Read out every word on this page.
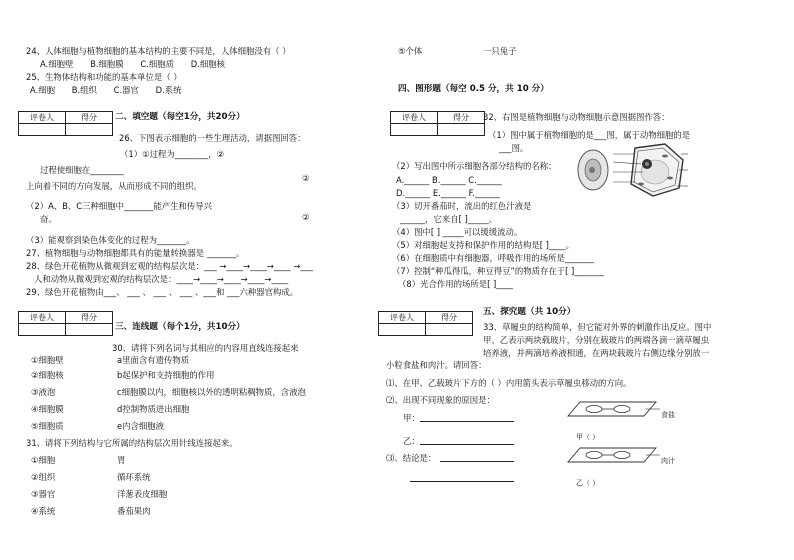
24、人体细胞与植物细胞的基本结构的主要不同是，人体细胞没有（ ）
A.细胞壁　　B.细胞膜　　C.细胞质　　D.细胞核
25、生物体结构和功能的基本单位是（ ）
A.细胞　　B.组织　　C.器官　　D.系统
评卷人	得分
	二、填空题（每空1分，共20分）
26、下图表示细胞的一些生理活动，请据图回答：
（1）①过程为________，②
过程使细胞在________
②
上向着不同的方向发展，从而形成不同的组织。
（2）A、B、C三种细胞中_______能产生和传导兴
奋。	②
（3）能观察到染色体变化的过程为_______。
27、植物细胞与动物细胞都具有的能量转换器是 _______。
28、绿色开花植物从微观到宏观的结构层次是：___ →____→____→____ →___
人和动物从微观到宏观的结构层次是：____→____→____→____→____
29、绿色开花植物由___、 ___ 、 ___ 、 ___ 、___和 ___六种器官构成。
评卷人	得分

三、连线题（每个1分，共10分）
30、请将下列名词与其相应的内容用直线连接起来
①细胞壁	a里面含有遗传物质
②细胞核	b起保护和支持细胞的作用
③液泡	c细胞膜以内，细胞核以外的透明粘稠物质，含液泡
④细胞膜	d控制物质进出细胞
⑤细胞质	e内含细胞液
31、请将下列结构与它所属的结构层次用针线连接起来。
①细胞	胃
②组织	循环系统
③器官	洋葱表皮细胞
④系统	番茄果肉
⑤个体	一只兔子
四、图形题（每空 0.5 分，共 10 分）
评卷人	得分
	32、右图是植物细胞与动物细胞示意图据图作答：
（1）图中属于植物细胞的是___图，属于动物细胞的是
___图。
（2）写出图中所示细胞各部分结构的名称：
A.______ B.______ C.______
D.______ E.______ F.______
（3）切开番茄时，流出的红色汁液是
______，它来自[ ]_____。
（4）图中[ ] _____可以缓缓流动。
（5）对细胞起支持和保护作用的结构是[ ]____。
（6）在细胞质中有细胞器，呼吸作用的场所是_______
（7）控制“种瓜得瓜，种豆得豆”的物质存在于[ ]_______
（8）光合作用的场所是[ ]____
五、探究题（共 10分）
评卷人	得分

33、草履虫的结构简单，但它能对外界的刺激作出反应。图中
甲、乙表示两块载玻片，分别在载玻片的两端各滴一滴草履虫
培养液，并两滴培养液相通，在两块载玻片右侧边缘分别放一
小粒食盐和肉汁。请回答：
⑴、在甲、乙载玻片下方的（ ）内用箭头表示草履虫移动的方向。
⑵、出现不同现象的原因是：
甲：
乙：
⑶、结论是：
食盐
肉汁
甲（ ）
乙（ ）
